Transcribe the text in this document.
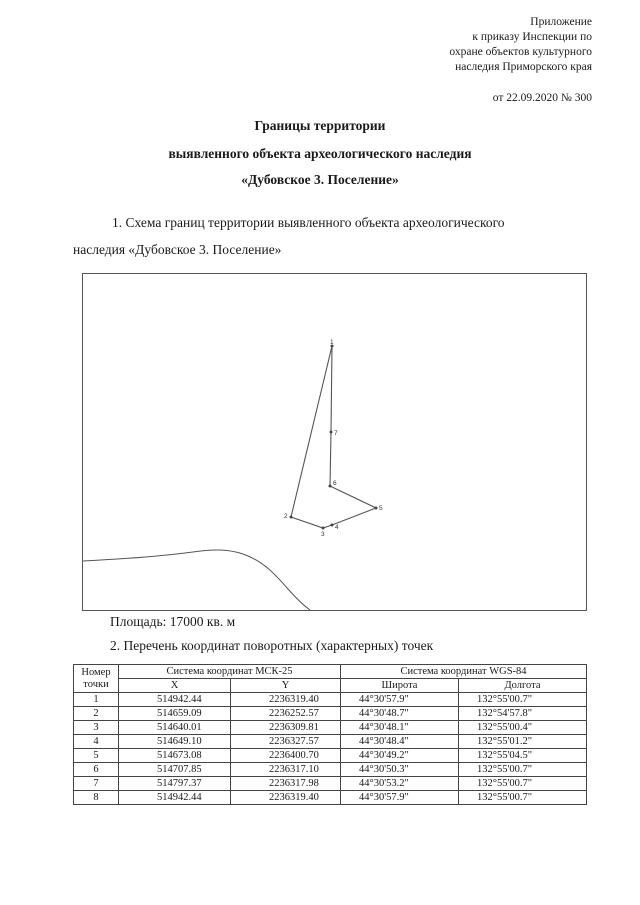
Приложение
к приказу Инспекции по
охране объектов культурного
наследия Приморского края
от 22.09.2020 № 300
Границы территории
выявленного объекта археологического наследия
«Дубовское 3. Поселение»
1. Схема границ территории выявленного объекта археологического
наследия «Дубовское 3. Поселение»
1
2
3
4
5
6
7
Площадь: 17000 кв. м
2. Перечень координат поворотных (характерных) точек
Номер
точки	Система координат МСК-25		Система координат WGS-84	
	X	Y	Широта	Долгота
1	514942.44	2236319.40	44°30'57.9"	132°55'00.7"
2	514659.09	2236252.57	44°30'48.7"	132°54'57.8"
3	514640.01	2236309.81	44°30'48.1"	132°55'00.4"
4	514649.10	2236327.57	44°30'48.4"	132°55'01.2"
5	514673.08	2236400.70	44°30'49.2"	132°55'04.5"
6	514707.85	2236317.10	44°30'50.3"	132°55'00.7"
7	514797.37	2236317.98	44°30'53.2"	132°55'00.7"
8	514942.44	2236319.40	44°30'57.9"	132°55'00.7"
